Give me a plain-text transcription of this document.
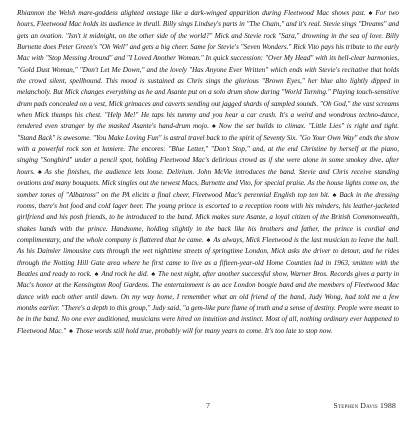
Rhiannon the Welsh mare-goddess alighted onstage like a dark-winged apparition during Fleetwood Mac shows past. ♠ For two hours, Fleetwood Mac holds its audience in thrall. Billy sings Lindsey's parts in "The Chain," and it's real. Stevie sings "Dreams" and gets an ovation. "Isn't it midnight, on the other side of the world?" Mick and Stevie rock "Sara," drowning in the sea of love. Billy Burnette does Peter Green's "Oh Well" and gets a big cheer. Same for Stevie's "Seven Wonders." Rick Vito pays his tribute to the early Mac with "Stop Messing Around" and "I Loved Another Woman." In quick succession: "Over My Head" with its bell-clear harmonies, "Gold Dust Woman," "Don't Let Me Down," and the lovely "Has Anyone Ever Written" which ends with Stevie's recitative that holds the crowd silent, spellbound. This mood is sustained as Chris sings the glorious "Brown Eyes," her blue alto lightly dipped in melancholy. But Mick changes everything as he and Asante put on a solo drum show during "World Turning." Playing touch-sensitive drum pads concealed on a vest, Mick grimaces and caverts sending out jagged shards of sampled sounds. "Oh God," the vast screams when Mick thumps his chest. "Help Me!" He taps his tummy and you hear a car crash. It's a weird and wondrous techno-dance, rendered even stranger by the masked Asante's hand-drum mojo. ♠ Now the set builds to climax. "Little Lies" is right and tight. "Stand Back" is awesome. "You Make Loving Fun" is astral travel back to the spirit of Seventy Six. "Go Your Own Way" ends the show with a powerful rock son et lumiere. The encores: "Blue Letter," "Don't Stop," and, at the end Christine by herself at the piano, singing "Songbird" under a pencil spot, holding Fleetwood Mac's delirious crowd as if she were alone in some smokey dive, after hours. ♠ As she finishes, the audience lets loose. Delirium. John McVie introduces the band. Stevie and Chris receive standing ovations and many bouquets. Mick singles out the newest Macs, Burnette and Vito, for special praise. As the house lights come on, the somber tones of "Albatross" on the PA elicits a final cheer, Fleetwood Mac's perennial English top ten hit. ♠ Back in the dressing rooms, there's hot food and cold lager beer. The young prince is escorted to a reception room with his minders, his leather-jacketed girlfriend and his posh friends, to be introduced to the band. Mick makes sure Asante, a loyal citizen of the British Commonwealth, shakes hands with the prince. Handsome, holding slightly in the back like his brothers and father, the prince is cordial and complimentary, and the whole company is flattered that he came. ♠ As always, Mick Fleetwood is the last musician to leave the hall. As his Daimler limousine cuts through the wet nighttime streets of springtime London, Mick asks the driver to detour, and he rides through the Notting Hill Gate area where he first came to live as a fifteen-year-old Home Counties lad in 1963, smitten with the Beatles and ready to rock. ♠ And rock he did. ♠ The next night, after another successful show, Warner Bros. Records gives a party in Mac's honor at the Kensington Roof Gardens. The entertainment is an ace London boogie band and the members of Fleetwood Mac dance with each other until dawn. On my way home, I remember what an old friend of the band, Judy Wong, had told me a few months earlier. "There's a depth to this group," Judy said, "a gem-like pure flame of truth and a sense of destiny. People were meant to be in the band. No one ever auditioned, musicians were hired on intuition and instinct. Most of all, nothing ordinary ever happened to Fleetwood Mac." ♠ Those words still hold true, probably will for many years to come. It's too late to stop now.

7	Stephen Davis 1988
